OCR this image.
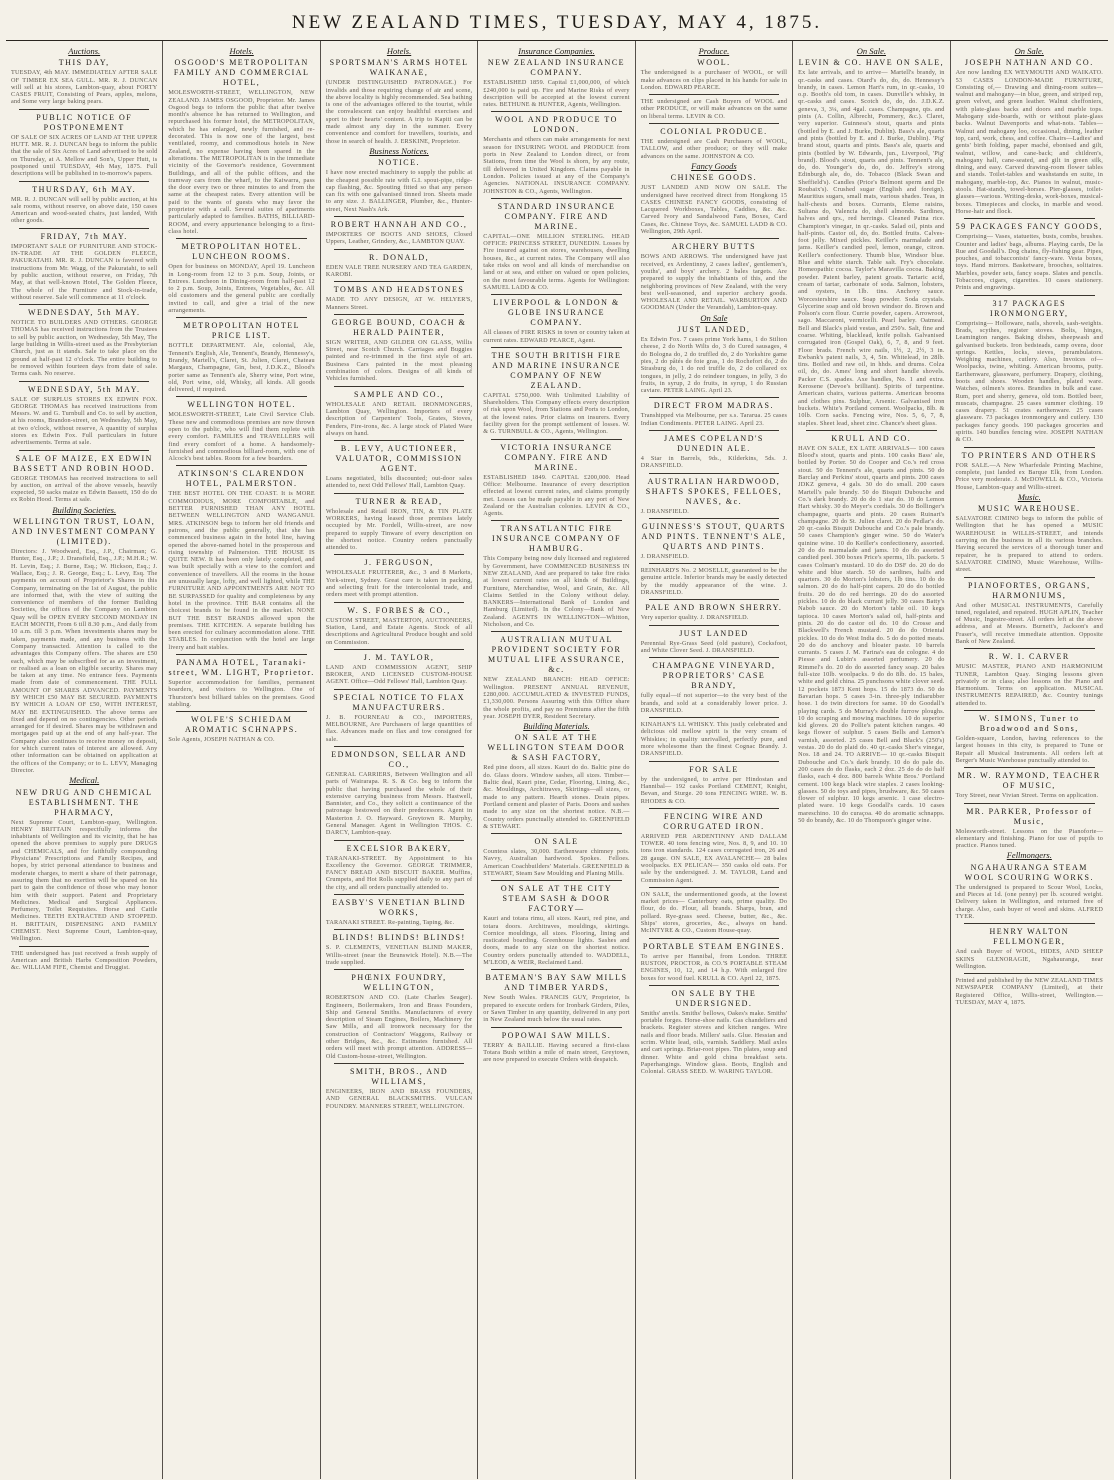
NEW ZEALAND TIMES, TUESDAY, MAY 4, 1875.
Auctions.
THIS DAY,
TUESDAY, 4th MAY. IMMEDIATELY AFTER SALE OF TIMBER EX SEA GULL. MR. R. J. DUNCAN will sell at his stores, Lambton-quay, about FORTY CASES FRUIT, Consisting of Pears, apples, melons, and Some very large baking pears.
PUBLIC NOTICE OF POSTPONEMENT
OF SALE OF SIX ACRES OF LAND AT THE UPPER HUTT. MR. R. J. DUNCAN begs to inform the public that the sale of Six Acres of Land advertised to be sold on Thursday, at A. Mellow and Son's, Upper Hutt, is postponed until TUESDAY, 4th May, 1875. Full descriptions will be published in to-morrow's papers.
THURSDAY, 6th MAY.
MR. R. J. DUNCAN will sell by public auction, at his sale rooms, without reserve, on above date, 150 cases American and wood-seated chairs, just landed, With other goods.
FRIDAY, 7th MAY.
IMPORTANT SALE OF FURNITURE AND STOCK-IN-TRADE AT THE GOLDEN FLEECE, PAKURATAHI. MR. R. J. DUNCAN is favored with instructions from Mr. Wagg, of the Pakuratahi, to sell by public auction, without reserve, on Friday, 7th May, at that well-known Hotel, The Golden Fleece, The whole of the Furniture and Stock-in-trade, without reserve. Sale will commence at 11 o'clock.
WEDNESDAY, 5th MAY.
NOTICE TO BUILDERS AND OTHERS. GEORGE THOMAS has received instructions from the Trustees to sell by public auction, on Wednesday, 5th May, The large building in Willis-street used as the Presbyterian Church, just as it stands. Sale to take place on the ground at half-past 12 o'clock. The entire building to be removed within fourteen days from date of sale. Terms cash. No reserve.
WEDNESDAY, 5th MAY.
SALE OF SURPLUS STORES EX EDWIN FOX. GEORGE THOMAS has received instructions from Messrs. W. and G. Turnbull and Co. to sell by auction, at his rooms, Brandon-street, on Wednesday, 5th May, at two o'clock, without reserve, A quantity of surplus stores ex Edwin Fox. Full particulars in future advertisements. Terms at sale.
SALE OF MAIZE, EX EDWIN BASSETT AND ROBIN HOOD.
GEORGE THOMAS has received instructions to sell by auction, on arrival of the above vessels, heavily expected, 50 sacks maize ex Edwin Bassett, 150 do do ex Robin Hood. Terms at sale.
Building Societies.
WELLINGTON TRUST, LOAN, AND INVESTMENT COMPANY (LIMITED).
Directors: J. Woodward, Esq., J.P., Chairman; G. Hunter, Esq., J.P.; J. Dransfield, Esq., J.P.; M.H.R.; W. H. Levin, Esq.; J. Burne, Esq.; W. Hickson, Esq.; J. Wallace, Esq.; J. R. George, Esq.; L. Levy, Esq. The payments on account of Proprietor's Shares in this Company, terminating on the 1st of August, the public are informed that, with the view of suiting the convenience of members of the former Building Societies, the offices of the Company on Lambton Quay will be OPEN EVERY SECOND MONDAY IN EACH MONTH, From 6 till 8.30 p.m., And daily from 10 a.m. till 3 p.m. When investments shares may be taken, payments made, and any business with the Company transacted. Attention is called to the advantages this Company offers. The shares are £50 each, which may be subscribed for as an investment, or realised as a loan on eligible security. Shares may be taken at any time. No entrance fees. Payments made from date of commencement. THE FULL AMOUNT OF SHARES ADVANCED. PAYMENTS BY WHICH £50 MAY BE SECURED. PAYMENTS BY WHICH A LOAN OF £50, WITH INTEREST, MAY BE EXTINGUISHED. The above terms are fixed and depend on no contingencies. Other periods arranged for if desired. Shares may be withdrawn and mortgages paid up at the end of any half-year. The Company also continues to receive money on deposit, for which current rates of interest are allowed. Any other information can be obtained on application at the offices of the Company; or to L. LEVY, Managing Director.
Medical.
NEW DRUG AND CHEMICAL ESTABLISHMENT. THE PHARMACY,
Next Supreme Court, Lambton-quay, Wellington. HENRY BRITTAIN respectfully informs the inhabitants of Wellington and its vicinity, that he has opened the above premises to supply pure DRUGS and CHEMICALS, and for faithfully compounding Physicians' Prescriptions and Family Recipes, and hopes, by strict personal attendance to business and moderate charges, to merit a share of their patronage, assuring them that no exertion will be spared on his part to gain the confidence of those who may honor him with their support. Patent and Proprietary Medicines. Medical and Surgical Appliances. Perfumery, Toilet Requisites. Horse and Cattle Medicines. TEETH EXTRACTED AND STOPPED. H. BRITTAIN, DISPENSING AND FAMILY CHEMIST. Next Supreme Court, Lambton-quay, Wellington.
THE undersigned has just received a fresh supply of American and British Harbs Composition Powders, &c. WILLIAM FIFE, Chemist and Druggist.
Hotels.
OSGOOD'S METROPOLITAN FAMILY AND COMMERCIAL HOTEL,
MOLESWORTH-STREET, WELLINGTON, NEW ZEALAND. JAMES OSGOOD, Proprietor. Mr. James Osgood begs to inform the public that after twelve month's absence he has returned to Wellington, and repurchased his former hotel, the METROPOLITAN, which he has enlarged, newly furnished, and re-decorated. This is now one of the largest, best ventilated, roomy, and commodious hotels in New Zealand, no expense having been spared in the alterations. The METROPOLITAN is in the immediate vicinity of the Governor's residence, Government Buildings, and all of the public offices, and the tramway cars from the wharf, to the Kaiwarra, pass the door every two or three minutes to and from the same at the cheapest rates. Every attention will be paid to the wants of guests who may favor the proprietor with a call. Several suites of apartments particularly adapted to families. BATHS, BILLIARD-ROOM, and every appurtenance belonging to a first-class hotel.
METROPOLITAN HOTEL. LUNCHEON ROOMS.
Open for business on MONDAY, April 19. Luncheon in Long-room from 12 to 3 p.m. Soup, Joints, or Entrees. Luncheon in Dining-room from half-past 12 to 2 p.m. Soup, Joints, Entrees, Vegetables, &c. All old customers and the general public are cordially invited to call, and give a trial of the new arrangements.
METROPOLITAN HOTEL PRICE LIST.
BOTTLE DEPARTMENT. Ale, colonial, Ale, Tennent's English, Ale, Tennent's, Brandy, Hennessy's, Brandy, Martell's, Claret, St. Julien, Claret, Chateau Margaux, Champagne, Gin, best, J.D.K.Z., Blood's porter same as Tennent's ale, Sherry wine, Port wine, old, Port wine, old, Whisky, all kinds. All goods delivered, if required.
WELLINGTON HOTEL.
MOLESWORTH-STREET, Late Civil Service Club. These new and commodious premises are now thrown open to the public, who will find them replete with every comfort. FAMILIES and TRAVELLERS will find every comfort of a home. A handsomely-furnished and commodious billiard-room, with one of Alcock's best tables. Room for a few boarders.
ATKINSON'S CLARENDON HOTEL, PALMERSTON.
THE BEST HOTEL ON THE COAST. It is MORE COMMODIOUS, MORE COMFORTABLE, and BETTER FURNISHED THAN ANY HOTEL BETWEEN WELLINGTON AND WANGANUI. MRS. ATKINSON begs to inform her old friends and patrons, and the public generally, that she has commenced business again in the hotel line, having opened the above-named hotel in the prosperous and rising township of Palmerston. THE HOUSE IS QUITE NEW. It has been only lately completed, and was built specially with a view to the comfort and convenience of travellers. All the rooms in the house are unusually large, lofty, and well lighted, while THE FURNITURE AND APPOINTMENTS ARE NOT TO BE SURPASSED for quality and completeness by any hotel in the province. THE BAR contains all the choicest brands to be found in the market. NONE BUT THE BEST BRANDS allowed upon the premises. THE KITCHEN. A separate building has been erected for culinary accommodation alone. THE STABLES. In conjunction with the hotel are large livery and bait stables.
PANAMA HOTEL, Taranaki-street, WM. LIGHT, Proprietor.
Superior accommodation for families, permanent boarders, and visitors to Wellington. One of Thurston's best billiard tables on the premises. Good stabling.
WOLFE'S SCHIEDAM AROMATIC SCHNAPPS.
Sole Agents, JOSEPH NATHAN & CO.
Hotels.
SPORTSMAN'S ARMS HOTEL WAIKANAE,
(UNDER DISTINGUISHED PATRONAGE.) For invalids and those requiring change of air and scene, the above locality is highly recommended. Sea bathing is one of the advantages offered to the tourist, while the convalescent can enjoy healthful exercises and sport to their hearts' content. A trip to Kapiti can be made almost any day in the summer. Every convenience and comfort for travellers, tourists, and those in search of health. J. ERSKINE, Proprietor.
Business Notices.
NOTICE.
I have now erected machinery to supply the public at the cheapest possible rate with G.I. spout-pipe, ridge-cap flashing, &c. Spouting fitted so that any person can fix with one galvanised tinned iron. Sheets made to any size. J. BALLINGER, Plumber, &c., Hunter-street, Next Nash's Ark.
ROBERT HANNAH AND CO.,
IMPORTERS OF BOOTS AND SHOES, Closed Uppers, Leather, Grindery, &c., LAMBTON QUAY.
R. DONALD,
EDEN VALE TREE NURSERY AND TEA GARDEN, KAROBI.
TOMBS AND HEADSTONES
MADE TO ANY DESIGN, AT W. HELYER'S, Manners Street.
GEORGE BOUND, COACH & HERALD PAINTER,
SIGN WRITER, AND GILDER ON GLASS, Willis Street, near Scotch Church. Carriages and Buggies painted and re-trimmed in the first style of art. Business Cars painted in the most pleasing combination of colors. Designs of all kinds of Vehicles furnished.
SAMPLE AND CO.,
WHOLESALE AND RETAIL IRONMONGERS, Lambton Quay, Wellington. Importers of every description of Carpenters' Tools, Grates, Stoves, Fenders, Fire-irons, &c. A large stock of Plated Ware always on hand.
B. LEVY, AUCTIONEER, VALUATOR, COMMISSION AGENT.
Loans negotiated, bills discounted; out-door sales attended to, next Odd Fellows' Hall, Lambton Quay.
TURNER & READ,
Wholesale and Retail IRON, TIN, & TIN PLATE WORKERS, having leased those premises lately occupied by Mr. Fordell, Willis-street, are now prepared to supply Tinware of every description on the shortest notice. Country orders punctually attended to.
J. FERGUSON,
WHOLESALE FRUITERER, &c., 3 and 8 Markets, York-street, Sydney. Great care is taken in packing, and selecting fruit for the intercolonial trade, and orders meet with prompt attention.
W. S. FORBES & CO.,
CUSTOM STREET, MASTERTON, AUCTIONEERS, Station, Land, and Estate Agents. Stock of all descriptions and Agricultural Produce bought and sold on Commission.
J. M. TAYLOR,
LAND AND COMMISSION AGENT, SHIP BROKER, AND LICENSED CUSTOM-HOUSE AGENT. Office—Odd Fellows' Hall, Lambton Quay.
SPECIAL NOTICE TO FLAX MANUFACTURERS.
J. B. FOURNEAU & CO., IMPORTERS, MELBOURNE, Are Purchasers of large quantities of flax. Advances made on flax and tow consigned for sale.
EDMONDSON, SELLAR AND CO.,
GENERAL CARRIERS, Between Wellington and all parts of Wairarapa. R. S. & Co. beg to inform the public that having purchased the whole of their extensive carrying business from Messrs. Hastwell, Bannister, and Co., they solicit a continuance of the patronage bestowed on their predecessors. Agent in Masterton J. O. Hayward. Greytown R. Murphy, General Manager. Agent in Wellington THOS. C. DARCY, Lambton-quay.
EXCELSIOR BAKERY,
TARANAKI-STREET. By Appointment to his Excellency the Governor. GEORGE TRIMMER, FANCY BREAD AND BISCUIT BAKER. Muffins, Crumpets, and Hot Rolls supplied daily to any part of the city, and all orders punctually attended to.
EASBY'S VENETIAN BLIND WORKS,
TARANAKI STREET. Re-painting, Taping, &c.
BLINDS! BLINDS! BLINDS!
S. P. CLEMENTS, VENETIAN BLIND MAKER, Willis-street (near the Brunswick Hotel). N.B.—The trade supplied.
PHŒNIX FOUNDRY, WELLINGTON,
ROBERTSON AND CO. (Late Charles Seager). Engineers, Boilermakers, Iron and Brass Founders, Ship and General Smiths. Manufacturers of every description of Steam Engines, Boilers, Machinery for Saw Mills, and all ironwork necessary for the construction of Contractors' Waggons, Railway or other Bridges, &c., &c. Estimates furnished. All orders will meet with prompt attention. ADDRESS—Old Custom-house-street, Wellington.
SMITH, BROS., AND WILLIAMS,
ENGINEERS, IRON AND BRASS FOUNDERS, AND GENERAL BLACKSMITHS. VULCAN FOUNDRY. MANNERS STREET, WELLINGTON.
Insurance Companies.
NEW ZEALAND INSURANCE COMPANY.
ESTABLISHED 1859. Capital £1,000,000, of which £240,000 is paid up. Fire and Marine Risks of every description will be accepted at the lowest current rates. BETHUNE & HUNTER, Agents, Wellington.
WOOL AND PRODUCE TO LONDON.
Merchants and others can make arrangements for next season for INSURING WOOL and PRODUCE from ports in New Zealand to London direct, or from Stations, from time the Wool is shorn, by any route, till delivered in United Kingdom. Claims payable in London. Policies issued at any of the Company's Agencies. NATIONAL INSURANCE COMPANY. JOHNSTON & CO., Agents, Wellington.
STANDARD INSURANCE COMPANY. FIRE AND MARINE.
CAPITAL—ONE MILLION STERLING. HEAD OFFICE: PRINCESS STREET, DUNEDIN. Losses by Fire insured against on stores, warehouses, dwelling houses, &c., at current rates. The Company will also take risks on wool and all kinds of merchandise on land or at sea, and either on valued or open policies, on the most favourable terms. Agents for Wellington: SAMUEL LADD & CO.
LIVERPOOL & LONDON & GLOBE INSURANCE COMPANY.
All classes of FIRE RISKS in town or country taken at current rates. EDWARD PEARCE, Agent.
THE SOUTH BRITISH FIRE AND MARINE INSURANCE COMPANY OF NEW ZEALAND.
CAPITAL £750,000. With Unlimited Liability of Shareholders. This Company effects every description of risk upon Wool, from Stations and Ports to London, at the lowest rates. Prior claims on insurers. Every facility given for the prompt settlement of losses. W. & G. TURNBULL & CO., Agents, Wellington.
VICTORIA INSURANCE COMPANY. FIRE AND MARINE.
ESTABLISHED 1849. CAPITAL £200,000. Head Office: Melbourne. Insurance of every description effected at lowest current rates, and claims promptly met. Losses can be made payable in any port of New Zealand or the Australian colonies. LEVIN & CO., Agents.
TRANSATLANTIC FIRE INSURANCE COMPANY OF HAMBURG.
This Company being now duly licensed and registered by Government, have COMMENCED BUSINESS IN NEW ZEALAND, And are prepared to take fire risks at lowest current rates on all kinds of Buildings, Furniture, Merchandise, Wool, and Grain, &c. All Claims Settled in the Colony without delay. BANKERS—International Bank of London and Hamburg (Limited). In the Colony—Bank of New Zealand. AGENTS IN WELLINGTON—Whitton, Nicholson, and Co.
AUSTRALIAN MUTUAL PROVIDENT SOCIETY FOR MUTUAL LIFE ASSURANCE, &c.
NEW ZEALAND BRANCH: HEAD OFFICE: Wellington. PRESENT ANNUAL REVENUE, £280,000. ACCUMULATED & INVESTED FUNDS, £1,330,000. Persons Assuring with this Office share the whole profits, and pay no Premiums after the fifth year. JOSEPH DYER, Resident Secretary.
Building Materials.
ON SALE AT THE WELLINGTON STEAM DOOR & SASH FACTORY,
Red pine doors, all sizes. Kauri do do. Baltic pine do do. Glass doors. Window sashes, all sizes. Timber—Baltic deal, Kauri pine, Cedar, Flooring, Lining, &c., &c. Mouldings, Architraves, Skirtings—all sizes, or made to any pattern. Hearth stones. Drain pipes. Portland cement and plaster of Paris. Doors and sashes made to any size on the shortest notice. N.B.—Country orders punctually attended to. GREENFIELD & STEWART.
ON SALE
Countess slates, 30,000. Earthenware chimney pots. Navvy, Australian hardwood. Spokes. Felloes. American Coachbuilders' Materials. GREENFIELD & STEWART, Steam Saw Moulding and Planing Mills.
ON SALE AT THE CITY STEAM SASH & DOOR FACTORY—
Kauri and totara rimu, all sizes. Kauri, red pine, and totara doors. Architraves, mouldings, skirtings. Cornice mouldings, all sizes. Flooring, lining and rusticated boarding. Greenhouse lights. Sashes and doors, made to any size on the shortest notice. Country orders punctually attended to. WADDELL, M'LEOD, & WEIR, Reclaimed Land.
BATEMAN'S BAY SAW MILLS AND TIMBER YARDS,
New South Wales. FRANCIS GUY, Proprietor, Is prepared to execute orders for Ironbark Girders, Piles, or Sawn Timber in any quantity, delivered in any port in New Zealand much below the usual rates.
POPOWAI SAW MILLS.
TERRY & BAILLIE. Having secured a first-class Totara Bush within a mile of main street, Greytown, are now prepared to execute Orders with despatch.
Produce.
WOOL.
The undersigned is a purchaser of WOOL, or will make advances on clips placed in his hands for sale in London. EDWARD PEARCE.
THE undersigned are Cash Buyers of WOOL and other PRODUCE, or will make advances on the same on liberal terms. LEVIN & CO.
COLONIAL PRODUCE.
THE undersigned are Cash Purchasers of WOOL, TALLOW, and other produce; or they will make advances on the same. JOHNSTON & CO.
Fancy Goods
CHINESE GOODS.
JUST LANDED AND NOW ON SALE. The undersigned have received direct from Hongkong 15 CASES CHINESE FANCY GOODS, consisting of Lacquered Workboxes, Tables, Caddies, &c. &c. Carved Ivory and Sandalwood Fans, Boxes, Card Cases, &c. Chinese Toys, &c. SAMUEL LADD & CO. Wellington, 29th April.
ARCHERY BUTTS
BOWS AND ARROWS. The undersigned have just received, ex Ardentinny, 2 cases ladies', gentlemen's, youths', and boys' archery. 2 bales targets. Are prepared to supply the inhabitants of this, and the neighboring provinces of New Zealand, with the very best well-seasoned, and superior archery goods. WHOLESALE AND RETAIL. WARBURTON AND GOODMAN (Under the Verandah), Lambton-quay.
On Sale
JUST LANDED,
Ex Edwin Fox. 7 cases prime York hams, 1 do Stilton cheese, 2 do North Wilts do, 3 do Cured sausages, 4 do Bologna do, 2 do truffled do, 2 do Yorkshire game pies, 2 do pâtés de foie gras, 1 do Rochefort do, 2 do Strasburg do, 1 do red truffle do, 2 do collared ox tongues, in jelly, 2 do reindeer tongues, in jelly, 3 do fruits, in syrup, 2 do fruits, in syrup, 1 do Russian caviare. PETER LAING. April 23.
DIRECT FROM MADRAS.
Transhipped via Melbourne, per s.s. Tararua. 25 cases Indian Condiments. PETER LAING. April 23.
JAMES COPELAND'S DUNEDIN ALE.
4 Star in Barrels, 9ds., Kilderkins, 5ds. J. DRANSFIELD.
AUSTRALIAN HARDWOOD, SHAFTS SPOKES, FELLOES, NAVES, &c.
J. DRANSFIELD.
GUINNESS'S STOUT, QUARTS AND PINTS. TENNENT'S ALE, QUARTS AND PINTS.
J. DRANSFIELD.
REINHARD'S No. 2 MOSELLE, guaranteed to be the genuine article. Inferior brands may be easily detected by the muddy appearance of the wine. J. DRANSFIELD.
PALE AND BROWN SHERRY.
Very superior quality. J. DRANSFIELD.
JUST LANDED
Perennial Rye-Grass Seed (old pasture), Cocksfoot, and White Clover Seed. J. DRANSFIELD.
CHAMPAGNE VINEYARD, PROPRIETORS' CASE BRANDY,
fully equal—if not superior—to the very best of the brands, and sold at a considerably lower price. J. DRANSFIELD.
KINAHAN'S LL WHISKY. This justly celebrated and delicious old mellow spirit is the very cream of Whiskies; in quality unrivalled, perfectly pure, and more wholesome than the finest Cognac Brandy. J. DRANSFIELD.
FOR SALE
by the undersigned, to arrive per Hindostan and Hannibal— 192 casks Portland CEMENT, Knight, Bevan, and Sturge. 20 tons FENCING WIRE. W. B. RHODES & CO.
FENCING WIRE AND CORRUGATED IRON.
ARRIVED PER ARDENTINNY AND DALLAM TOWER. 40 tons fencing wire, Nos. 8, 9, and 10. 10 tons iron standards. 124 cases corrugated iron, 26 and 28 gauge. ON SALE, EX AVALANCHE— 28 bales woolpacks. EX PELICAN— 350 casks old oats. For sale by the undersigned. J. M. TAYLOR, Land and Commission Agent.
ON SALE, the undermentioned goods, at the lowest market prices— Canterbury oats, prime quality. Do flour, do do. Flour, all brands. Sharps, bran, and pollard. Rye-grass seed. Cheese, butter, &c., &c. Ships' stores, groceries, &c., always on hand. McINTYRE & CO., Custom House-quay.
PORTABLE STEAM ENGINES.
To arrive per Hannibal, from London. THREE RUSTON, PROCTOR, & CO.'S PORTABLE STEAM ENGINES, 10, 12, and 14 h.p. With enlarged fire boxes for wood fuel. KRULL & CO. April 22, 1875.
ON SALE BY THE UNDERSIGNED.
Smiths' anvils. Smiths' bellows, Oakes's make. Smiths' portable forges. Horse-shoe nails. Gas chandeliers and brackets. Register stoves and kitchen ranges. Wire nails and floor brads. Millers' sails. Glue. Hessian and scrim. White lead, oils, varnish. Saddlery. Mail axles and cart springs. Briar-root pipes. Tin plates, soup and dinner. White and gold china breakfast sets. Paperhangings. Window glass. Boots, English and Colonial. GRASS SEED. W. WARING TAYLOR.
On Sale.
LEVIN & CO. HAVE ON SALE,
Ex late arrivals, and to arrive— Martell's brandy, in qr.-casks and cases. Otard's do, do, do. Hennessy's brandy, in cases. Lemon Hart's rum, in qr.-casks, 10 o.p. Booth's old tom, in cases. Dunville's whisky, in qr.-casks and cases. Scotch do, do, do. J.D.K.Z. geneva, 3, 3¼, and 4gal. cases. Champagne, qts. and pints (A. Collin, Albrecht, Pommery, &c.). Claret, very superior. Guinness's stout, quarts and pints (bottled by E. and J. Burke, Dublin). Bass's ale, quarts and pints (bottled by E. and J. Burke, Dublin). 'Pig' brand stout, quarts and pints. Bass's ale, quarts and pints (bottled by W. Edwards, jun., Liverpool, 'Pig' brand). Blood's stout, quarts and pints. Tennent's ale, do, do. Younger's do, do, do. Jeffrey's strong Edinburgh ale, do, do. Tobacco (Black Swan and Sheffield's). Candles (Price's Belmont sperm and De Roubaix's). Crushed sugar (English and foreign). Mauritius sugars, small mats, various shades. Teas, in half-chests and boxes. Currants, Eleme raisins, Sultana do, Valencia do, shell almonds. Sardines, halves and qrs., red herrings. Cleaned Patna rice. Champion's vinegar, in qr.-casks. Salad oil, pints and half-pints. Castor oil, do, do. Bottled fruits. Calves-foot jelly. Mixed pickles. Keiller's marmalade and jams. Keiller's candied peel, lemon, orange, citron. Keiller's confectionery. Thumb blue, Windsor blue. Blue and white starch. Table salt. Fry's chocolate. Homeopathic cocoa. Taylor's Maravilla cocoa. Baking powder. Patent barley, patent groats. Tartaric acid, cream of tartar, carbonate of soda. Salmon, lobsters, and oysters, in 1lb. tins. Anchovy sauce. Worcestershire sauce. Soap powder. Soda crystals. Glycerine soap and old brown windsor do. Brown and Polson's corn flour. Currie powder, capers. Arrowroot, sago. Maccaroni, vermicelli. Pearl barley. Oatmeal. Bell and Black's plaid vestas, and 250's. Salt, fine and coarse. Whiting, blacklead, knife polish. Galvanised corrugated iron (Gospel Oak), 6, 7, 8, and 9 feet. Floor brads. French wire nails, 1½, 2, 2½, 3 in. Ewbank's patent nails, 3, 4, 5in. Whitelead, in 28lb. tins. Boiled and raw oil, in hhds. and drums. Colza oil, do, do. Ames' long and short handle shovels. Packer C.S. spades. Axe handles, No. 1 and extra. Kerosene (Devoe's brilliant). Spirits of turpentine. American chairs, various patterns. American brooms and clothes pins. Sulphur, Arsenic. Galvanised iron buckets. White's Portland cement. Woolpacks, 8lb. & 10lb. Corn sacks. Fencing wire, Nos. 5, 6, 7, 8, staples. Sheet lead, sheet zinc. Chance's sheet glass.
KRULL AND CO.
HAVE ON SALE, EX LATE ARRIVALS— 100 cases Blood's stout, quarts and pints. 100 casks Bass' ale, bottled by Porter. 50 do Cooper and Co.'s red cross stout. 50 do Tennent's ale, quarts and pints. 50 do Barclay and Perkins' stout, quarts and pints. 200 cases JDKZ geneva, 4 gals. 30 do do small. 200 cases Martell's pale brandy. 50 do Bisquit Dubouche and Co.'s dark brandy. 20 do do 1 star do. 10 do Lemon Hart whisky. 30 do Meyer's cordials. 30 do Bollinger's champagne, quarts and pints. 20 cases Ruinart's champagne. 20 do St. Julien claret. 20 do Pedlar's do. 20 qr.-casks Bisquit Dubouche and Co.'s pale brandy. 50 cases Champion's ginger wine. 50 do Water's quinine wine. 10 do Keiller's confectionery, assorted. 20 do do marmalade and jams. 10 do do assorted candied peel. 300 boxes Price's sperms, 1lb. packets. 5 cases Colman's mustard. 10 do do DSF do. 20 do do white and blue starch. 50 do sardines, halfs and quarters. 30 do Morton's lobsters, 1lb tins. 10 do do salmon. 20 do do half-pint capers. 20 do do bottled fruits. 20 do do red herrings. 20 do do assorted pickles. 10 do do black currant jelly. 30 cases Batty's Nabob sauce. 20 do Morton's table oil. 10 kegs tapioca. 10 cases Morton's salad oil, half-pints and pints. 20 do do castor oil do. 10 do Crosse and Blackwell's French mustard. 20 do do Oriental pickles. 10 do do West India do. 5 do do potted meats. 20 do do anchovy and bloater paste. 10 barrels currants. 5 cases J. M. Farina's eau de cologne. 4 do Piesse and Lubin's assorted perfumery. 20 do Rimmel's do. 20 do do assorted fancy soap. 20 bales full-size 10lb. woolpacks. 9 do do 8lb. do. 15 bales, white and gold china. 25 punchsons white clover seed. 12 pockets 1873 Kent hops. 15 do 1873 do. 50 do Bavarian hops. 5 cases 3-in. three-ply indiarubber hose. 1 do twin directors for same. 10 do Goodall's playing cards. 5 do Murray's double furrow ploughs. 10 do scraping and mowing machines. 10 do superior kid gloves. 20 do Pollie's patent kitchen ranges. 40 kegs flower of sulphur. 5 cases Bells and Lemon's varnish, assorted. 25 cases Bell and Black's (250's) vestas. 20 do do plaid do. 40 qr.-casks Sher's vinegar, Nos. 18 and 24. TO ARRIVE— 10 qr.-casks Bisquit Dubouche and Co.'s dark brandy. 10 do do pale do. 200 cases do do flasks, each 2 doz. 25 do do do half flasks, each 4 doz. 800 barrels White Bros.' Portland cement. 100 kegs black wire staples. 2 cases looking-glasses. 50 do toys and pipes, brushware, &c. 50 cases flower of sulphur. 10 kegs arsenic. 1 case electro-plated ware. 10 kegs Goodall's cards. 10 cases mareschino. 10 do curaçoa. 40 do aromatic schnapps. 50 do brandy, &c. 10 do Thompson's ginger wine.
On Sale.
JOSEPH NATHAN AND CO.
Are now landing EX WEYMOUTH AND WAIKATO. 53 CASES LONDON-MADE FURNITURE, Consisting of,— Drawing and dining-room suites—walnut and mahogany—in blue, green, and striped rep, green velvet, and green leather. Walnut cheffoniers, with plate-glass backs and doors and marble tops. Mahogany side-boards, with or without plate-glass backs. Walnut Davenports and what-nots. Tables—Walnut and mahogany loo, occasional, dining, leather top, card, work, chess, and coffee. Chairs—Ladies' and gents' birth folding, paper maché, ebonised and gilt, walnut, willow, and cane-back; and children's, mahogany hall, cane-seated, and gilt in green silk, dining, and easy. Carved drawing-room flower tables and stands. Toilet-tables and washstands en suite, in mahogany, marble-top, &c. Pianos in walnut, music-stools. Hat-stands, towel-horses. Pier-glasses, toilet-glasses—various. Writing-desks, work-boxes, musical-boxes. Timepieces and clocks, in marble and wood. Horse-hair and flock.
59 PACKAGES FANCY GOODS,
Comprising— Vases, statuettes, busts, combs, brushes. Counter and ladies' bags, albums. Playing cards, De la Rue and Goodall's. Dog chains, fly-fishing gear. Pipes, pouches, and tobacconists' fancy-ware. Vesta boxes, toys. Hand mirrors. Basketware, brooches, solitaires. Marbles, powder sets, fancy soaps. Slates and pencils. Tobaccoes, cigars, cigarettes. 10 cases stationery. Prints and engravings.
317 PACKAGES IRONMONGERY,
Comprising— Holloware, nails, shovels, sash-weights. Brads, scythes, register stoves. Bolts, hinges, Leamington ranges. Baking dishes, sheepwash and galvanised buckets. Iron bedsteads, camp ovens, door springs. Kettles, locks, sieves, perambulators. Weighing machines, cutlery. Also, Invoices of— Woolpacks, twine, whiting. American brooms, putty. Earthenware, glassware, perfumery. Drapery, clothing, boots and shoes. Wooden handles, plated ware. Watches, oilmen's stores. Brandies in bulk and case. Rum, port and sherry, geneva, old tom. Bottled beer, muscats, champagne. 25 cases summer clothing. 19 cases drapery. 51 crates earthenware. 25 cases glassware. 73 packages ironmongery and cutlery. 130 packages fancy goods. 190 packages groceries and spirits. 140 bundles fencing wire. JOSEPH NATHAN & CO.
TO PRINTERS AND OTHERS
FOR SALE.—A New Wharfedale Printing Machine, complete, just landed ex Barque Elk, from London. Price very moderate. J. McDOWELL & CO., Victoria House, Lambton-quay and Willis-street.
Music.
MUSIC WAREHOUSE.
SALVATORE CIMINO begs to inform the public of Wellington that he has opened a MUSIC WAREHOUSE in WILLIS-STREET, and intends carrying on the business in all its various branches. Having secured the services of a thorough tuner and repairer, he is prepared to attend to orders. SALVATORE CIMINO, Music Warehouse, Willis-street.
PIANOFORTES, ORGANS, HARMONIUMS,
And other MUSICAL INSTRUMENTS, Carefully tuned, regulated, and repaired. HUGH APLIN, Teacher of Music, Ingestre-street. All orders left at the above address, and at Messrs. Burnett's, Jackson's and Fraser's, will receive immediate attention. Opposite Bank of New Zealand.
R. W. I. CARVER
MUSIC MASTER, PIANO AND HARMONIUM TUNER, Lambton Quay. Singing lessons given privately or in class; also lessons on the Piano and Harmonium. Terms on application. MUSICAL INSTRUMENTS REPAIRED, &c. Country tunings attended to.
W. SIMONS, Tuner to Broadwood and Sons,
Golden-square, London, having references to the largest houses in this city, is prepared to Tune or Repair all Musical Instruments. All orders left at Berger's Music Warehouse punctually attended to.
MR. W. RAYMOND, TEACHER OF MUSIC,
Tory Street, near Vivian Street. Terms on application.
MR. PARKER, Professor of Music,
Molesworth-street. Lessons on the Pianoforte—elementary and finishing. Piano for use of pupils to practice. Pianos tuned.
Fellmongers.
NGAHAURANGA STEAM WOOL SCOURING WORKS.
The undersigned is prepared to Scour Wool, Locks, and Pieces at 1d. (one penny) per lb. scoured weight. Delivery taken in Wellington, and returned free of charge. Also, cash buyer of wool and skins. ALFRED TYER.
HENRY WALTON FELLMONGER,
And cash Buyer of WOOL, HIDES, AND SHEEP SKINS GLENORAGIE, Ngahauranga, near Wellington.
Printed and published by the NEW ZEALAND TIMES NEWSPAPER COMPANY (Limited), at their Registered Office, Willis-street, Wellington.—TUESDAY, MAY 4, 1875.
